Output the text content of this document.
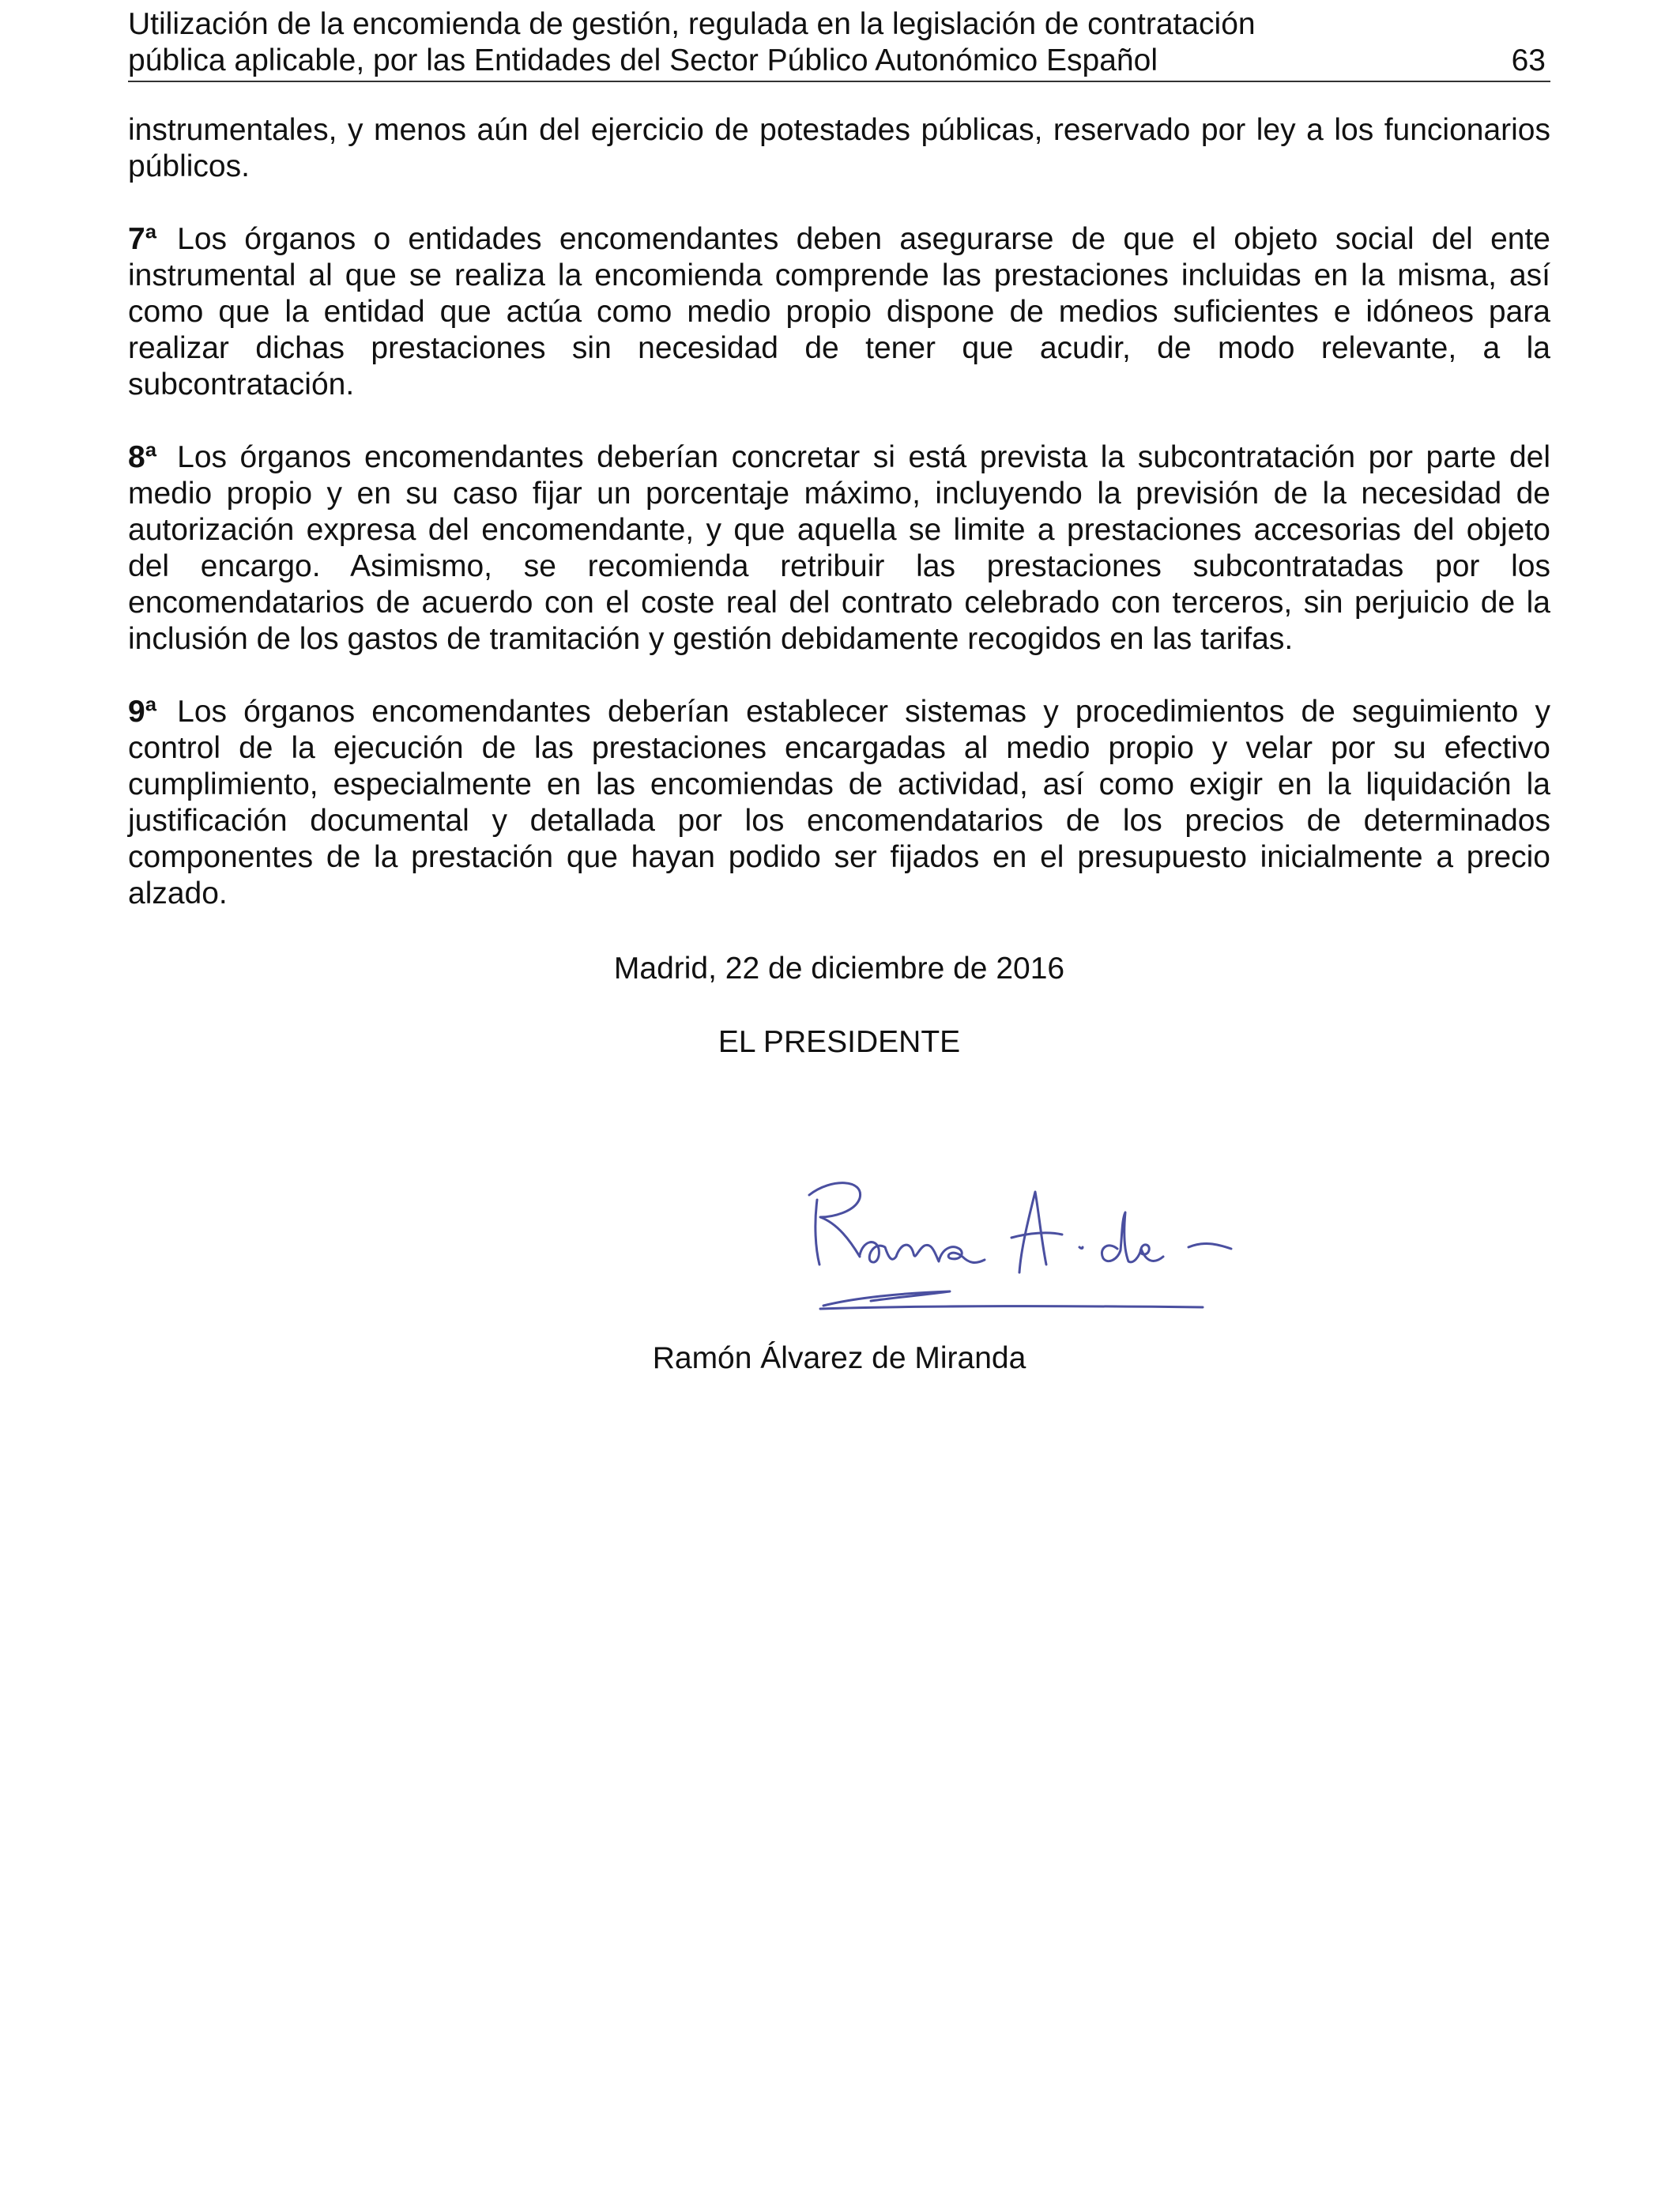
Utilización de la encomienda de gestión, regulada en la legislación de contratación
pública aplicable, por las Entidades del Sector Público Autonómico Español	63

instrumentales, y menos aún del ejercicio de potestades públicas, reservado por ley a los funcionarios públicos.

7ª Los órganos o entidades encomendantes deben asegurarse de que el objeto social del ente instrumental al que se realiza la encomienda comprende las prestaciones incluidas en la misma, así como que la entidad que actúa como medio propio dispone de medios suficientes e idóneos para realizar dichas prestaciones sin necesidad de tener que acudir, de modo relevante, a la subcontratación.

8ª Los órganos encomendantes deberían concretar si está prevista la subcontratación por parte del medio propio y en su caso fijar un porcentaje máximo, incluyendo la previsión de la necesidad de autorización expresa del encomendante, y que aquella se limite a prestaciones accesorias del objeto del encargo. Asimismo, se recomienda retribuir las prestaciones subcontratadas por los encomendatarios de acuerdo con el coste real del contrato celebrado con terceros, sin perjuicio de la inclusión de los gastos de tramitación y gestión debidamente recogidos en las tarifas.

9ª Los órganos encomendantes deberían establecer sistemas y procedimientos de seguimiento y control de la ejecución de las prestaciones encargadas al medio propio y velar por su efectivo cumplimiento, especialmente en las encomiendas de actividad, así como exigir en la liquidación la justificación documental y detallada por los encomendatarios de los precios de determinados componentes de la prestación que hayan podido ser fijados en el presupuesto inicialmente a precio alzado.

Madrid, 22 de diciembre de 2016
EL PRESIDENTE
Ramón Álvarez de Miranda
